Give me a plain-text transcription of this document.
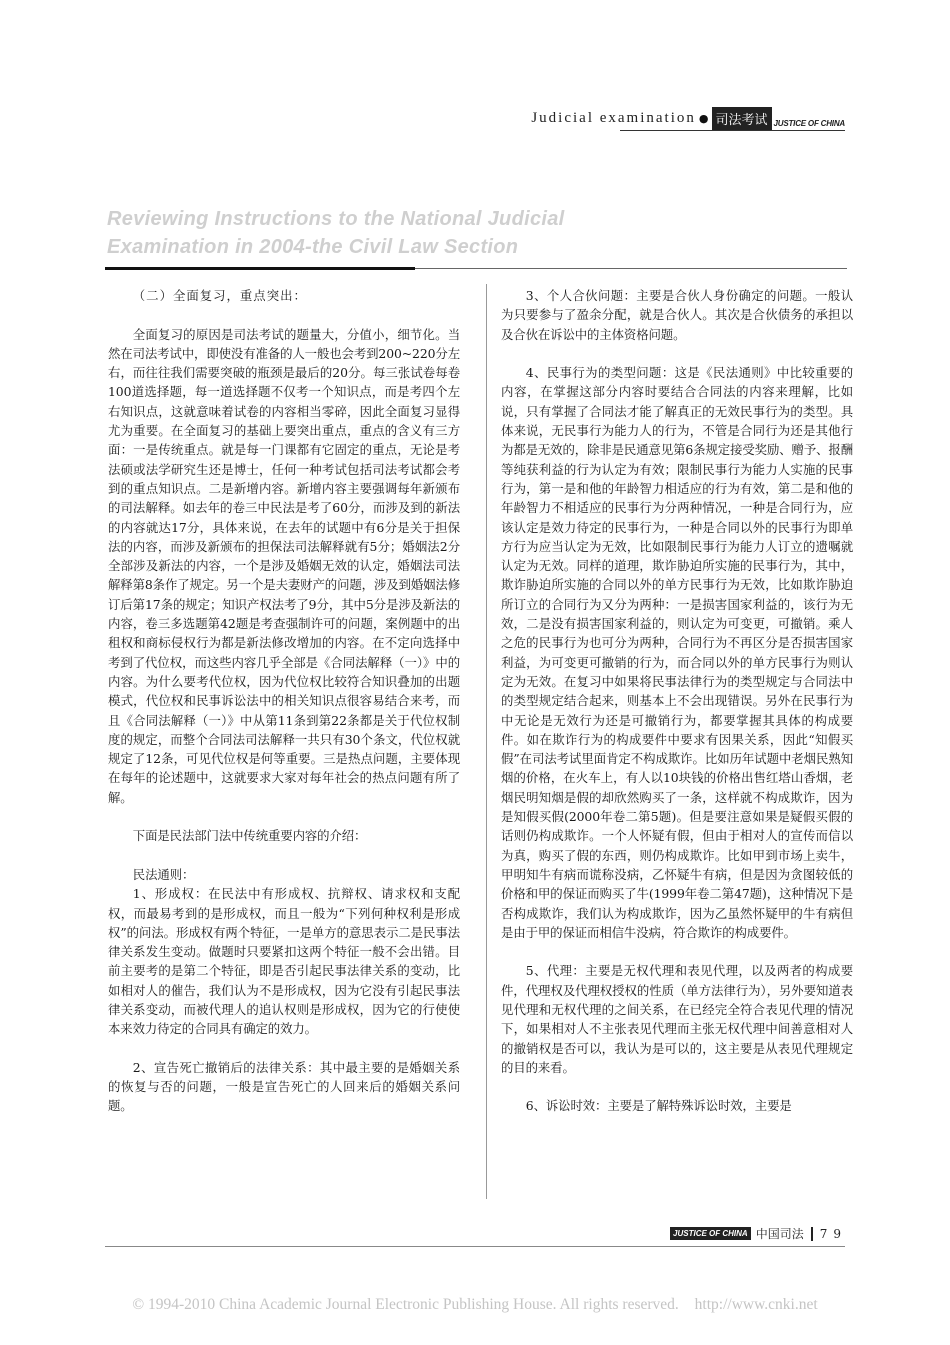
Judicial examination ● 司法考试 JUSTICE OF CHINA
Reviewing Instructions to the National Judicial
Examination in 2004-the Civil Law Section

（二）全面复习，重点突出：

全面复习的原因是司法考试的题量大，分值小，细节化。当然在司法考试中，即使没有准备的人一般也会考到200~220分左右，而往往我们需要突破的瓶颈是最后的20分。每三张试卷每卷100道选择题，每一道选择题不仅考一个知识点，而是考四个左右知识点，这就意味着试卷的内容相当零碎，因此全面复习显得尤为重要。在全面复习的基础上要突出重点，重点的含义有三方面：一是传统重点。就是每一门课都有它固定的重点，无论是考法硕或法学研究生还是博士，任何一种考试包括司法考试都会考到的重点知识点。二是新增内容。新增内容主要强调每年新颁布的司法解释。如去年的卷三中民法是考了60分，而涉及到的新法的内容就达17分，具体来说，在去年的试题中有6分是关于担保法的内容，而涉及新颁布的担保法司法解释就有5分；婚姻法2分全部涉及新法的内容，一个是涉及婚姻无效的认定，婚姻法司法解释第8条作了规定。另一个是夫妻财产的问题，涉及到婚姻法修订后第17条的规定；知识产权法考了9分，其中5分是涉及新法的内容，卷三多选题第42题是考查强制许可的问题，案例题中的出租权和商标侵权行为都是新法修改增加的内容。在不定向选择中考到了代位权，而这些内容几乎全部是《合同法解释（一）》中的内容。为什么要考代位权，因为代位权比较符合知识叠加的出题模式，代位权和民事诉讼法中的相关知识点很容易结合来考，而且《合同法解释（一）》中从第11条到第22条都是关于代位权制度的规定，而整个合同法司法解释一共只有30个条文，代位权就规定了12条，可见代位权是何等重要。三是热点问题，主要体现在每年的论述题中，这就要求大家对每年社会的热点问题有所了解。

下面是民法部门法中传统重要内容的介绍：

民法通则：

1、形成权：在民法中有形成权、抗辩权、请求权和支配权，而最易考到的是形成权，而且一般为“下列何种权利是形成权”的问法。形成权有两个特征，一是单方的意思表示二是民事法律关系发生变动。做题时只要紧扣这两个特征一般不会出错。目前主要考的是第二个特征，即是否引起民事法律关系的变动，比如相对人的催告，我们认为不是形成权，因为它没有引起民事法律关系变动，而被代理人的追认权则是形成权，因为它的行使使本来效力待定的合同具有确定的效力。

2、宣告死亡撤销后的法律关系：其中最主要的是婚姻关系的恢复与否的问题，一般是宣告死亡的人回来后的婚姻关系问题。

3、个人合伙问题：主要是合伙人身份确定的问题。一般认为只要参与了盈余分配，就是合伙人。其次是合伙债务的承担以及合伙在诉讼中的主体资格问题。

4、民事行为的类型问题：这是《民法通则》中比较重要的内容，在掌握这部分内容时要结合合同法的内容来理解，比如说，只有掌握了合同法才能了解真正的无效民事行为的类型。具体来说，无民事行为能力人的行为，不管是合同行为还是其他行为都是无效的，除非是民通意见第6条规定接受奖励、赠予、报酬等纯获利益的行为认定为有效；限制民事行为能力人实施的民事行为，第一是和他的年龄智力相适应的行为有效，第二是和他的年龄智力不相适应的民事行为分两种情况，一种是合同行为，应该认定是效力待定的民事行为，一种是合同以外的民事行为即单方行为应当认定为无效，比如限制民事行为能力人订立的遗嘱就认定为无效。同样的道理，欺诈胁迫所实施的民事行为，其中，欺诈胁迫所实施的合同以外的单方民事行为无效，比如欺诈胁迫所订立的合同行为又分为两种：一是损害国家利益的，该行为无效，二是没有损害国家利益的，则认定为可变更，可撤销。乘人之危的民事行为也可分为两种，合同行为不再区分是否损害国家利益，为可变更可撤销的行为，而合同以外的单方民事行为则认定为无效。在复习中如果将民事法律行为的类型规定与合同法中的类型规定结合起来，则基本上不会出现错误。另外在民事行为中无论是无效行为还是可撤销行为，都要掌握其具体的构成要件。如在欺诈行为的构成要件中要求有因果关系，因此“知假买假”在司法考试里面肯定不构成欺诈。比如历年试题中老烟民熟知烟的价格，在火车上，有人以10块钱的价格出售红塔山香烟，老烟民明知烟是假的却欣然购买了一条，这样就不构成欺诈，因为是知假买假(2000年卷二第5题)。但是要注意如果是疑假买假的话则仍构成欺诈。一个人怀疑有假，但由于相对人的宣传而信以为真，购买了假的东西，则仍构成欺诈。比如甲到市场上卖牛，甲明知牛有病而谎称没病，乙怀疑牛有病，但是因为贪图较低的价格和甲的保证而购买了牛(1999年卷二第47题)，这种情况下是否构成欺诈，我们认为构成欺诈，因为乙虽然怀疑甲的牛有病但是由于甲的保证而相信牛没病，符合欺诈的构成要件。

5、代理：主要是无权代理和表见代理，以及两者的构成要件，代理权及代理权授权的性质（单方法律行为），另外要知道表见代理和无权代理的之间关系，在已经完全符合表见代理的情况下，如果相对人不主张表见代理而主张无权代理中间善意相对人的撤销权是否可以，我认为是可以的，这主要是从表见代理规定的目的来看。

6、诉讼时效：主要是了解特殊诉讼时效，主要是

JUSTICE OF CHINA 中国司法 79
© 1994-2010 China Academic Journal Electronic Publishing House. All rights reserved. http://www.cnki.net
